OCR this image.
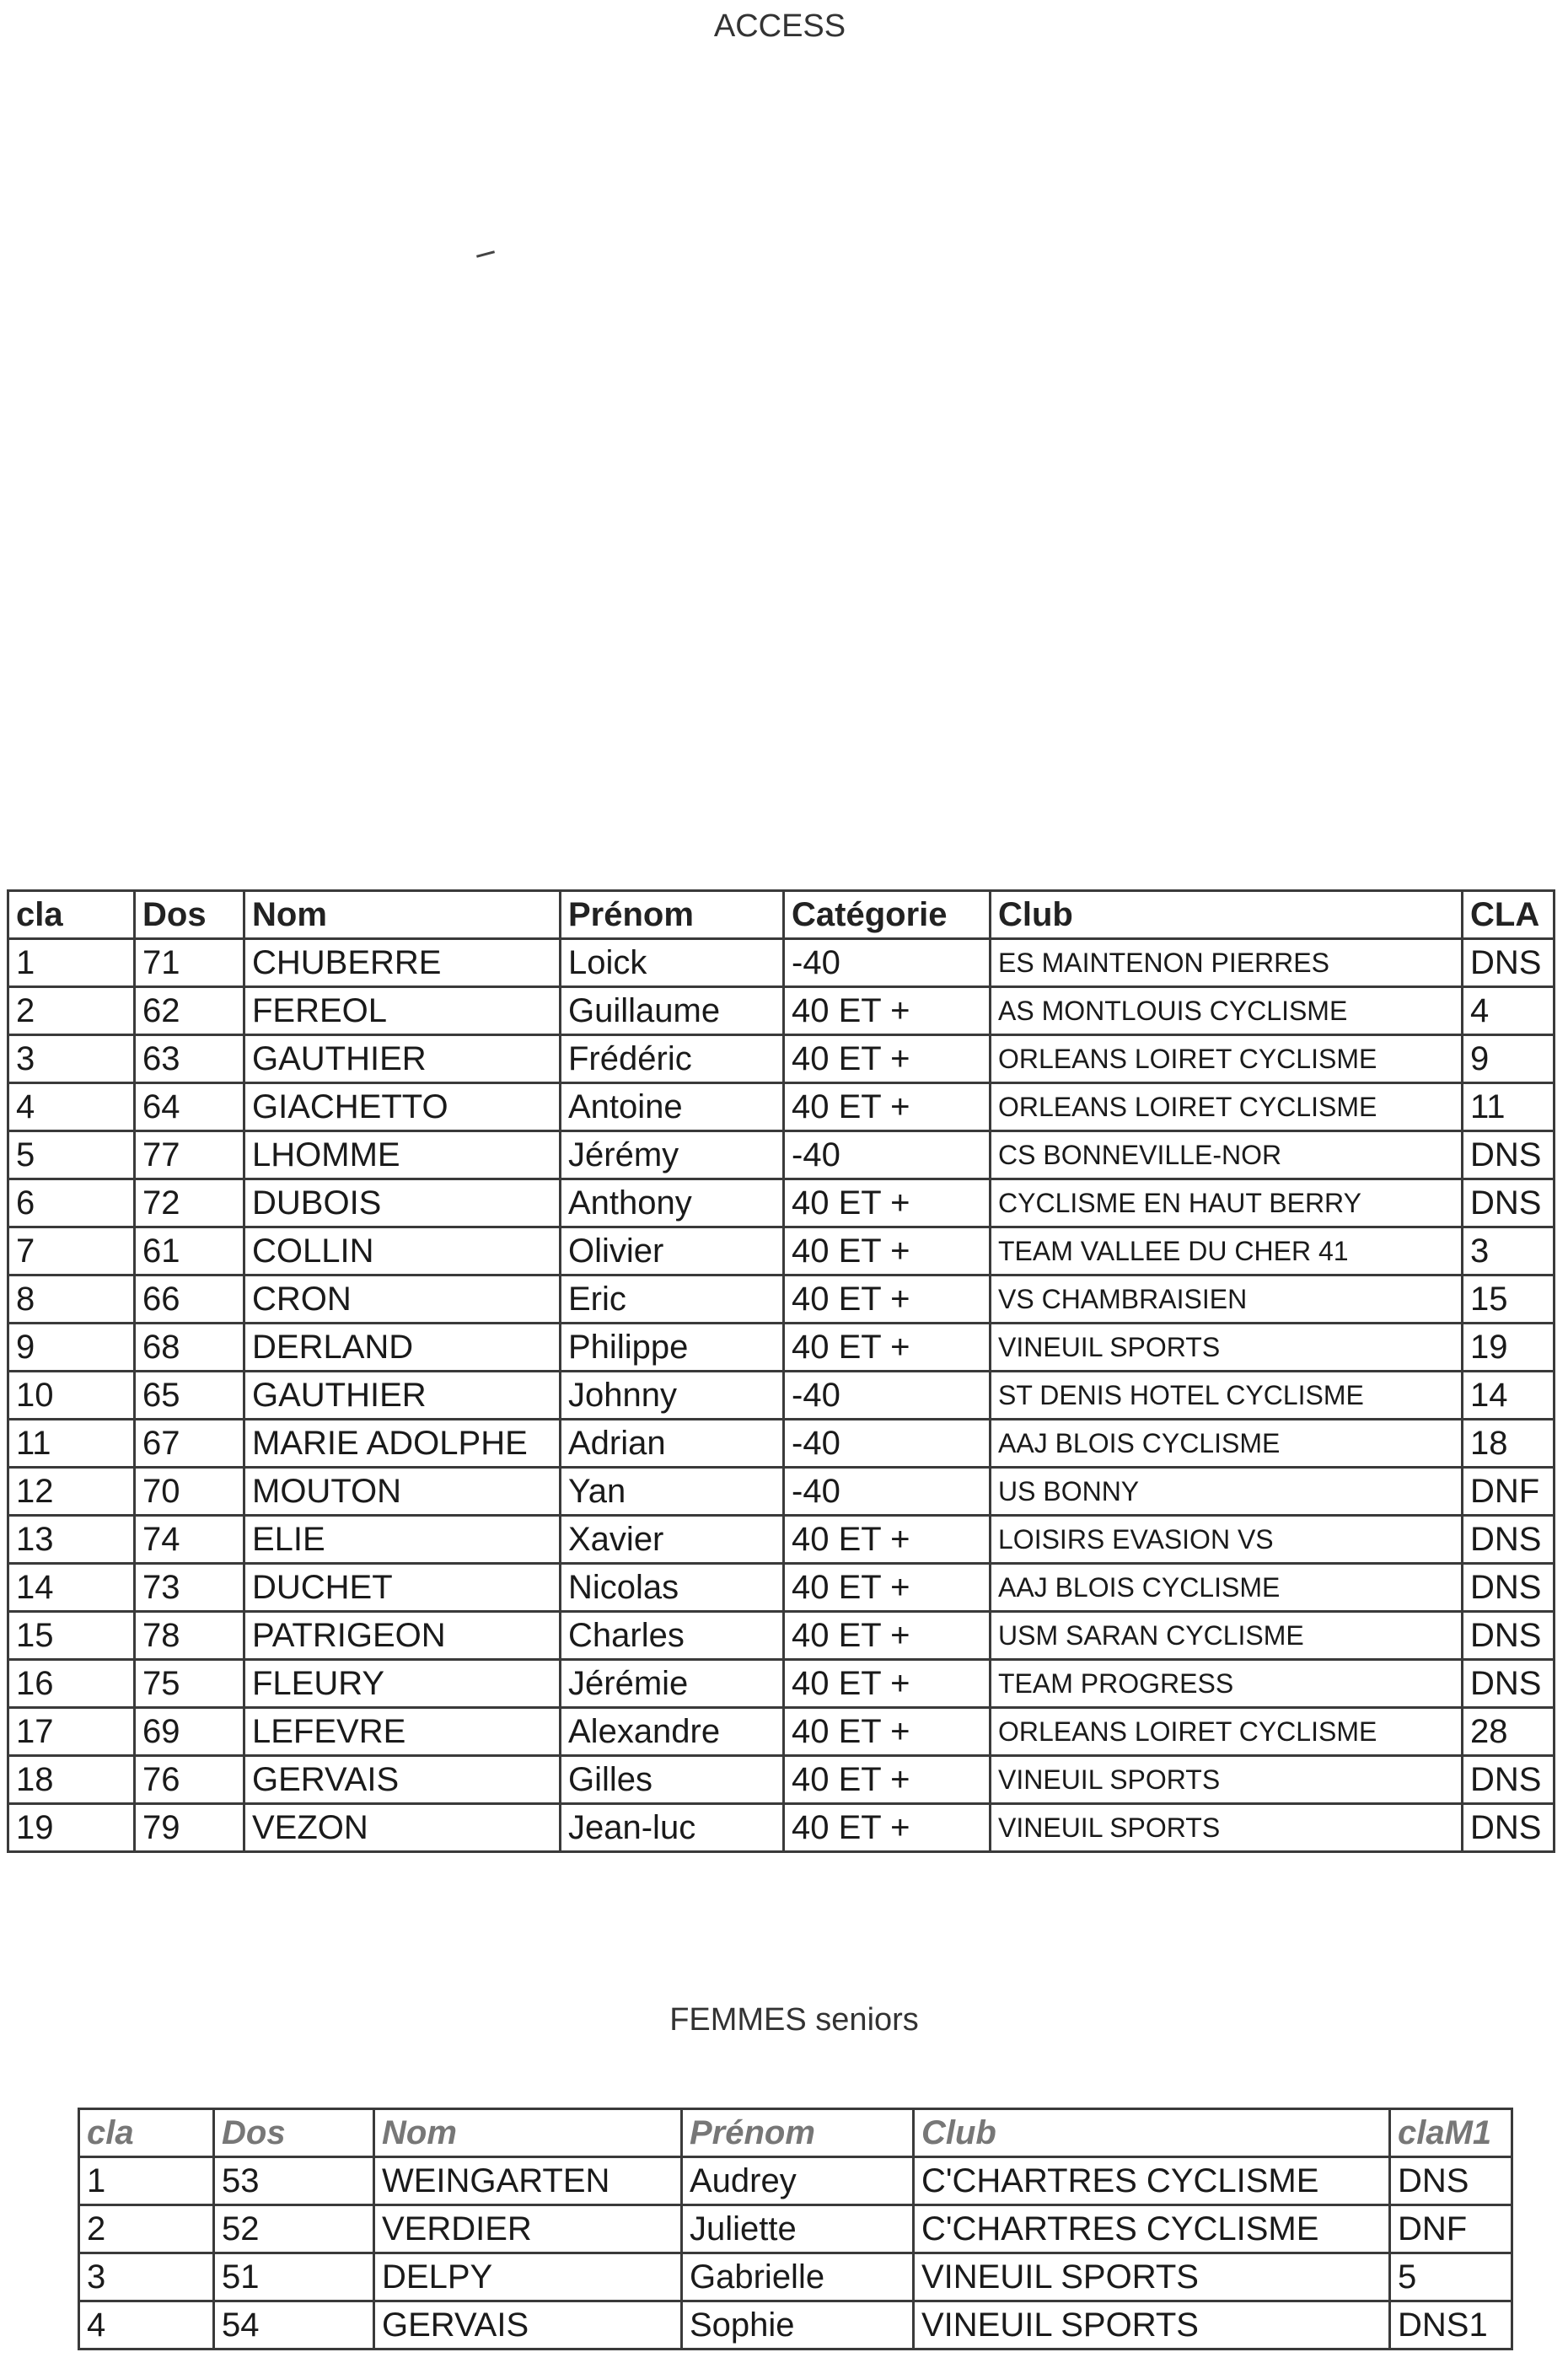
ACCESS
cla	Dos	Nom	Prénom	Catégorie	Club	CLA
1	71	CHUBERRE	Loick	-40	ES MAINTENON PIERRES	DNS
2	62	FEREOL	Guillaume	40 ET +	AS MONTLOUIS CYCLISME	4
3	63	GAUTHIER	Frédéric	40 ET +	ORLEANS LOIRET CYCLISME	9
4	64	GIACHETTO	Antoine	40 ET +	ORLEANS LOIRET CYCLISME	11
5	77	LHOMME	Jérémy	-40	CS BONNEVILLE-NOR	DNS
6	72	DUBOIS	Anthony	40 ET +	CYCLISME EN HAUT BERRY	DNS
7	61	COLLIN	Olivier	40 ET +	TEAM VALLEE DU CHER 41	3
8	66	CRON	Eric	40 ET +	VS CHAMBRAISIEN	15
9	68	DERLAND	Philippe	40 ET +	VINEUIL SPORTS	19
10	65	GAUTHIER	Johnny	-40	ST DENIS HOTEL CYCLISME	14
11	67	MARIE ADOLPHE	Adrian	-40	AAJ BLOIS CYCLISME	18
12	70	MOUTON	Yan	-40	US BONNY	DNF
13	74	ELIE	Xavier	40 ET +	LOISIRS EVASION VS	DNS
14	73	DUCHET	Nicolas	40 ET +	AAJ BLOIS CYCLISME	DNS
15	78	PATRIGEON	Charles	40 ET +	USM SARAN CYCLISME	DNS
16	75	FLEURY	Jérémie	40 ET +	TEAM PROGRESS	DNS
17	69	LEFEVRE	Alexandre	40 ET +	ORLEANS LOIRET CYCLISME	28
18	76	GERVAIS	Gilles	40 ET +	VINEUIL SPORTS	DNS
19	79	VEZON	Jean-luc	40 ET +	VINEUIL SPORTS	DNS
FEMMES seniors
cla	Dos	Nom	Prénom	Club	claM1
1	53	WEINGARTEN	Audrey	C'CHARTRES CYCLISME	DNS
2	52	VERDIER	Juliette	C'CHARTRES CYCLISME	DNF
3	51	DELPY	Gabrielle	VINEUIL SPORTS	5
4	54	GERVAIS	Sophie	VINEUIL SPORTS	DNS1
